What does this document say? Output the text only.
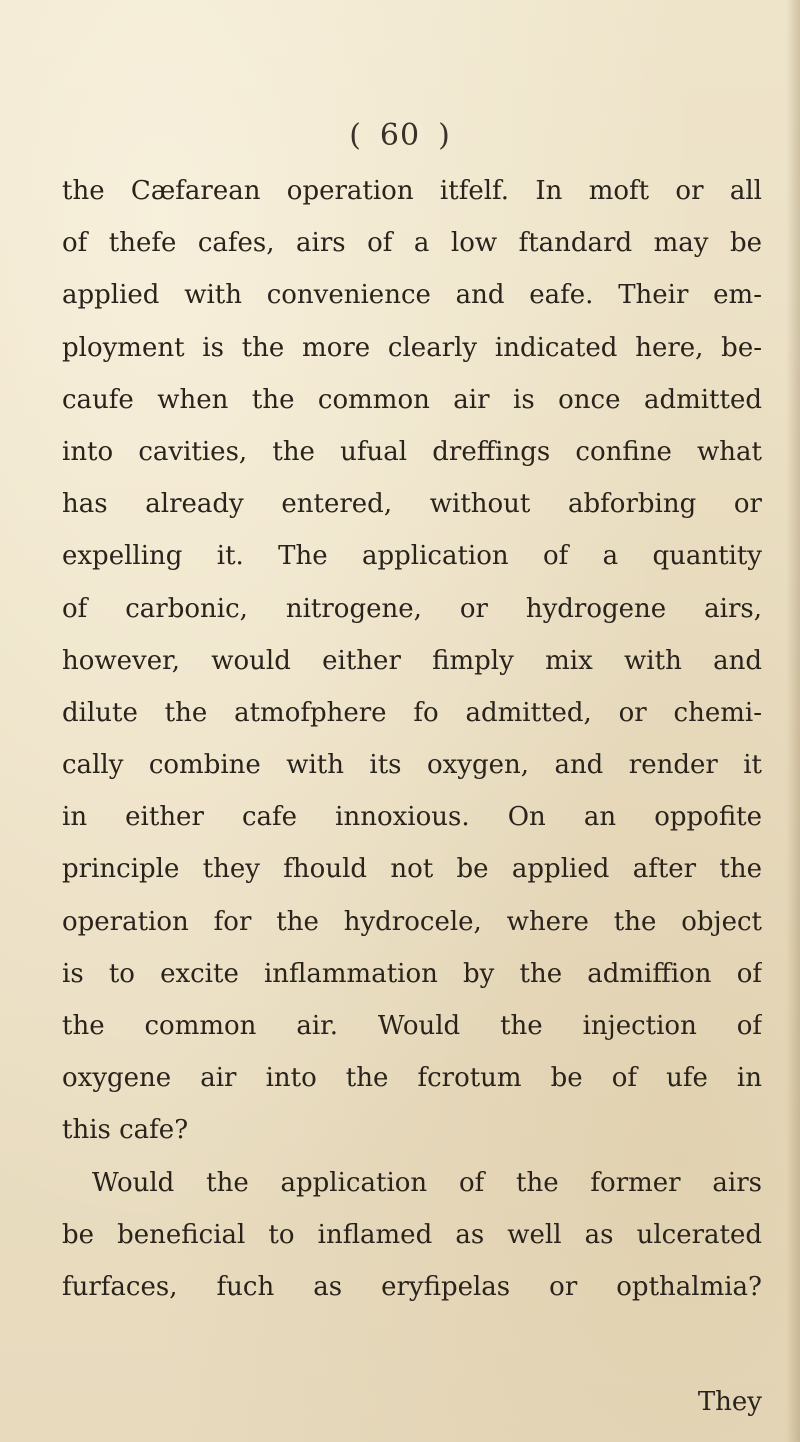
( 60 )
the Cæfarean operation itfelf. In moft or all
of thefe cafes, airs of a low ftandard may be
applied with convenience and eafe. Their em-
ployment is the more clearly indicated here, be-
caufe when the common air is once admitted
into cavities, the ufual dreffings confine what
has already entered, without abforbing or
expelling it. The application of a quantity
of carbonic, nitrogene, or hydrogene airs,
however, would either fimply mix with and
dilute the atmofphere fo admitted, or chemi-
cally combine with its oxygen, and render it
in either cafe innoxious. On an oppofite
principle they fhould not be applied after the
operation for the hydrocele, where the object
is to excite inflammation by the admiffion of
the common air. Would the injection of
oxygene air into the fcrotum be of ufe in
this cafe?
Would the application of the former airs
be beneficial to inflamed as well as ulcerated
furfaces, fuch as eryfipelas or opthalmia?
They
